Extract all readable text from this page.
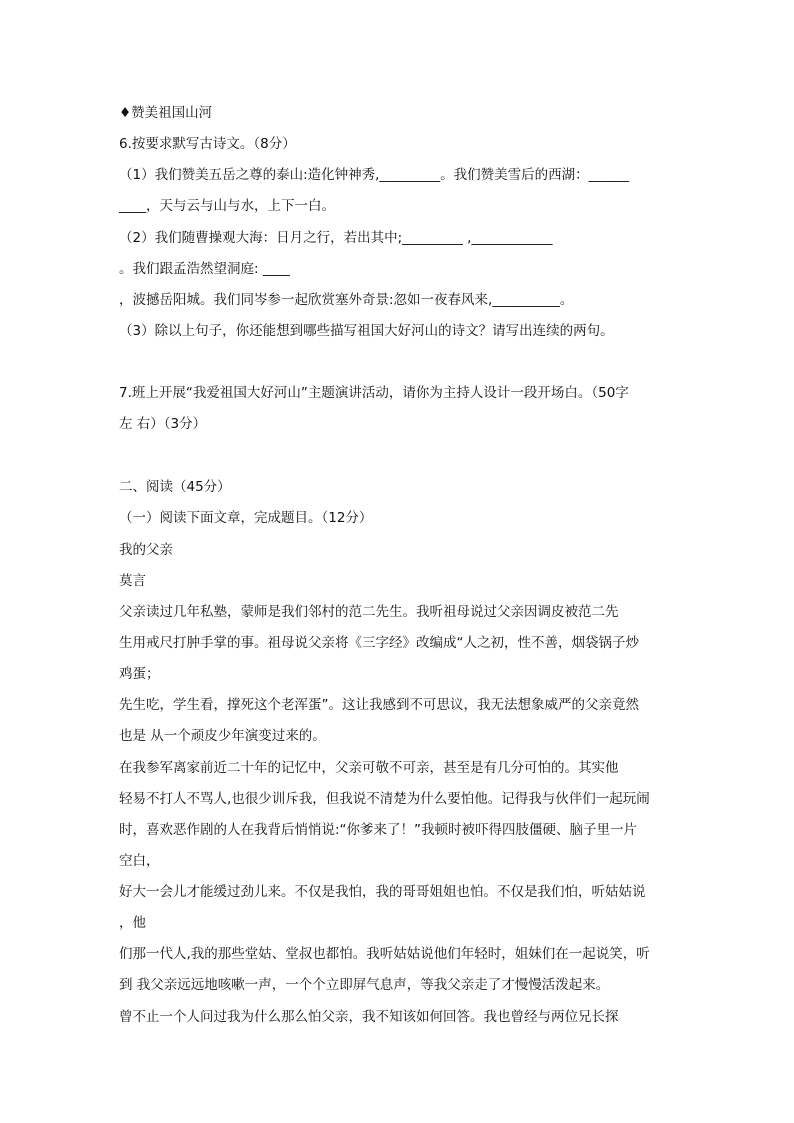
♦赞美祖国山河
6.按要求默写古诗文。（8分）
（1）我们赞美五岳之尊的泰山:造化钟神秀,_________。我们赞美雪后的西湖：______
____，天与云与山与水，上下一白。
（2）我们随曹操观大海：日月之行，若出其中;_________ ,____________
。我们跟孟浩然望洞庭: ____
，波撼岳阳城。我们同岑参一起欣赏塞外奇景:忽如一夜春风来,__________。
（3）除以上句子，你还能想到哪些描写祖国大好河山的诗文？请写出连续的两句。
7.班上开展“我爱祖国大好河山”主题演讲活动，请你为主持人设计一段开场白。（50字
左 右）（3分）
二、阅读（45分）
（一）阅读下面文章，完成题目。（12分）
我的父亲
莫言
父亲读过几年私塾，蒙师是我们邻村的范二先生。我听祖母说过父亲因调皮被范二先
生用戒尺打肿手掌的事。祖母说父亲将《三字经》改编成“人之初，性不善，烟袋锅子炒
鸡蛋；
先生吃，学生看，撑死这个老浑蛋”。这让我感到不可思议，我无法想象威严的父亲竟然
也是 从一个顽皮少年演变过来的。
在我参军离家前近二十年的记忆中，父亲可敬不可亲，甚至是有几分可怕的。其实他
轻易不打人不骂人,也很少训斥我，但我说不清楚为什么要怕他。记得我与伙伴们一起玩闹
时，喜欢恶作剧的人在我背后悄悄说:“你爹来了！”我顿时被吓得四肢僵硬、脑子里一片
空白，
好大一会儿才能缓过劲儿来。不仅是我怕，我的哥哥姐姐也怕。不仅是我们怕，听姑姑说
，他
们那一代人,我的那些堂姑、堂叔也都怕。我听姑姑说他们年轻时，姐妹们在一起说笑，听
到 我父亲远远地咳嗽一声，一个个立即屏气息声，等我父亲走了才慢慢活泼起来。
曾不止一个人问过我为什么那么怕父亲，我不知该如何回答。我也曾经与两位兄长探
